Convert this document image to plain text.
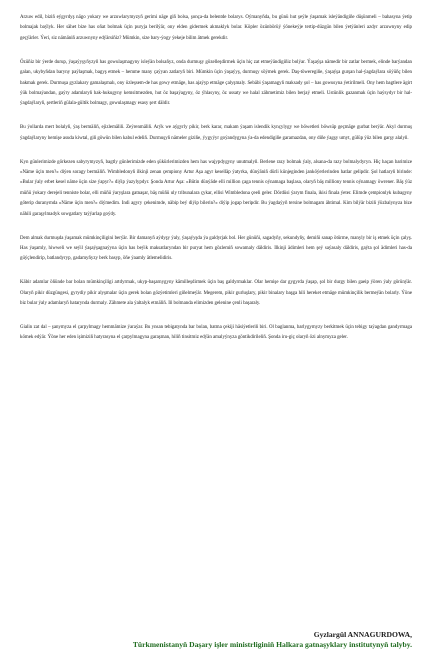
Arzuw edil, biziň eýgyrdyş nägo yokary we arzuwlarymyzyň gerimi näge giň bolsa, şonça-da belentde bolarys. Oýmanyňda, bu günü hut şeýle ýaşamak isleýändigiňe düşünmeli – bahasyna ýetip bolmajak baýlyk. Her sähet bize has oňat bolmak üçin puryja berilýär, onу elden gidermek akmaklyk bolar. Köpler özünbörüý ýönekeýje tertip-düzgün bilen ýetýänleri azdyr arzuwnyny edip geçýärler. Ýeri, siz nämäniň arzuwnyny edýärsiňiz? Mümkin, size bary-ýogy ýekeje bilim ätmek gerekdir.

Özüňiz bir ýerde durup, ýaşaýyşyňyzyň has gowulaşmagyny isleýän bolsaňyz, onda durmuşy gözelleşdirmek üçin hiç zat etmeýändigiňiz bolýar. Ýaşaýşa nämedir bir zatlar bermek, elinde barýandan galan, ukybyňdan baryny paýlaşmak, bagyş etmek – hemme many çaýyan zatlaryň biri. Mümkin üçin ýaşaýyş, durmuşy söýmek gerek. Daş-töweregiňe, ýaşaýşa gurşan hal-ýagdaýlara söýüňç bilen bakmak gerek. Durmuşa gyzlakary gamalaşmalı, onу özleşsem-de has gowy etmäge, has ajaýyp etmäge çalyşmaly. Sebäbi ýaşamagyň maksady şol – has gowusyna ýetirilmeli. Onу hem bagtlere ägirt ýük bolmaýandan, gaýry adamlaryň hak-hukugyny kemsitmezden, hut öz başaýagyny, öz ýhlasyny, öz ussaty we halal zähmetimiz bilen berjaý etmeli. Ustünlik gazanmak üçin haýsydyr bir hal-ýagdaýlaryň, şertleriň gülala-gültik bolmagy, gowulaşmagy esasy şert däldir.

Bu ýollarda mert bolalyň, ýaş bermäliň, ejizlemäliň. Zeýrenmäliň. Arýk we aýgyrly pikir, berk karar, makam ýaşam islendik kynçylygy we böwetleri böwsüp geçmäge gurbat berýär. Akyl durmuş ýagdaýlaryny hemişe asuda kiwtal, giň göwün bilen kabul edeliň. Durmuşyň nämeler giziňe, ýygyýyr goýandygyna ýa-da edendigiňe garamazdan, onу diňe ýagşy umyt, gülüp ýüz bilen garşy alalyň.

Kyn günlerimizde görkezen sabyrymyzyň, bagtly günlerimizde eden şükürlerimizden hem has wajypdygyny unutmalyň. Berlene razy bolmak ýaly, alsana-da razy bolmalydyryn. Hiç haçan barimize «Näme üçin men?» diýen soragy bermäliň. Wimbledonyň ilkinji zenan çempiony Artur Aşa agyr keselläp ýatyrka, dünýäniň dürli künjeginden janköýerlerinden hatlar gelipdir. Şol hatlaryň birinde: «Bular ýaly erbet kesel näme üçin size ýapyr?» diýip ýazylypdyr. Şonda Artur Aşa: «Bütin dünýäde elli million çaga tennis oýnamaga başlasa, olaryň bäş millionу tennis oýnamagy öwrener. Bäş ýüz müňü ýokary derejeli tenniste bolar, elli müňü ýaryşlara gatnaşar, bäş müňü uly tribunalara çykar, ellisi Wimbledona çeeli geler. Dördüsi ýarym finala, ikisi finala ýeter. Elimde çempionlyk kubagyny göterip duranymda «Näme üçin men?» diýmedim. Indi agyry çekenimde, näbip beý diýip bilerin?» diýip jogap beripdir. Bu ýagdaýyň tersine bolmagam ähtimal. Kim bilýär biziň ýüzbalynyza bize nähili garaşylmadyk sowgatlary taýýarlap goýdy.

Dem almak durmuşda ýaşamak mümkinçiligini berýär. Bir damanyň aýdyşy ýaly, ýaşaýyşda ýa galdyrjak bol. Her günüňi, sagadyňy, sekundyňy, demiňi sanap ötürme, manyly bir iş etmek üçin çalyş. Has ýaşamly, hiwweli we seýil ýaşaýşagnaýyna üçin has beýik maksatlaryndan bir puryat hem gözlemiň sowamaly däldiris. Ilkinji ädimleri hem şeý saýasaly däldiris, gaýta şol ädimleri has-da güýçlendirip, batlandyryp, gadamyňyzy berk basyp, öňe ýaamly ätlemelidiris.

Käbir adamlar öňünde bar bolan mümkinçiligi artdyrmak, ukyp-başarnygyny kämilleşdirmek üçin baş galdyrmaklar. Olar hemişe dar gygyrda ýaşap, şol bir durgy bilen gaeip ýören ýaly görünýär. Olaryň pikir düzgüngesi, gyrydiy pikir alyşmalar üçin gerek bolan gözýetimleri giňelmeýär. Megerem, pikir gurluşlary, pikir binalary başga hili hereket etmäge mümkinçilik bermeýän bolarly. Ýöne biz bular ýaly adamlaryň hatarynda durmaly. Zähmete ala ýaltalyk etmäliň. Iň bolmanda elimizden gelenine çenli başaraly.

Gialin zat dal – şanymyza el çarpylmagy hemmämize ýaraýar. Bu ynsan tebigatynda bar bolan, batma çekiji häsiýetleriň biri. Ol baglanma, barlygymyzy berkitmek üçin tebigy taýagdan gandyrmaga kömek edýär. Ýöne her eden işimiziň hatyrasyna el çarpylmagyna garaşman, hiliň tinsitmiz edýän amalyýnyza göntikdirileliň. Şonda iru-giç olaryň özi alnymyza geler.

Gyzlargül ANNAGURDOWA,
Türkmenistanyň Daşary işler ministrliginiň Halkara gatnaşyklary institutynyň talyby.
